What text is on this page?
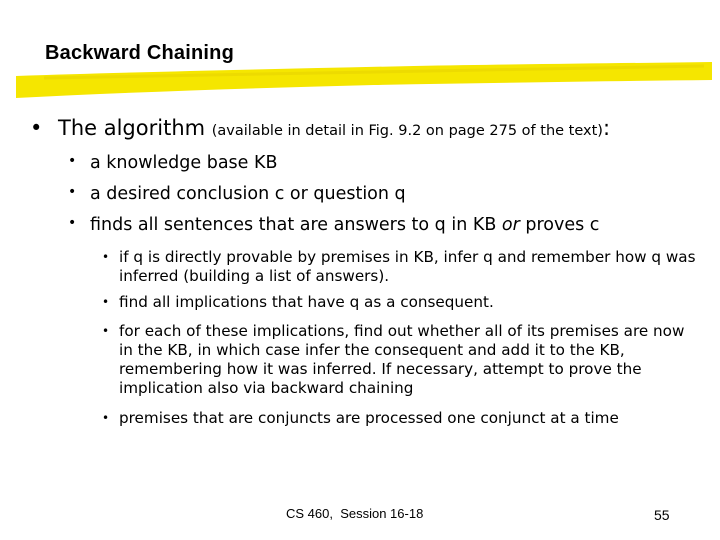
Backward Chaining
• The algorithm (available in detail in Fig. 9.2 on page 275 of the text):
• a knowledge base KB
• a desired conclusion c or question q
• finds all sentences that are answers to q in KB or proves c
• if q is directly provable by premises in KB, infer q and remember how q was inferred (building a list of answers).
• find all implications that have q as a consequent.
• for each of these implications, find out whether all of its premises are now in the KB, in which case infer the consequent and add it to the KB, remembering how it was inferred. If necessary, attempt to prove the implication also via backward chaining
• premises that are conjuncts are processed one conjunct at a time
CS 460,  Session 16-18	55
